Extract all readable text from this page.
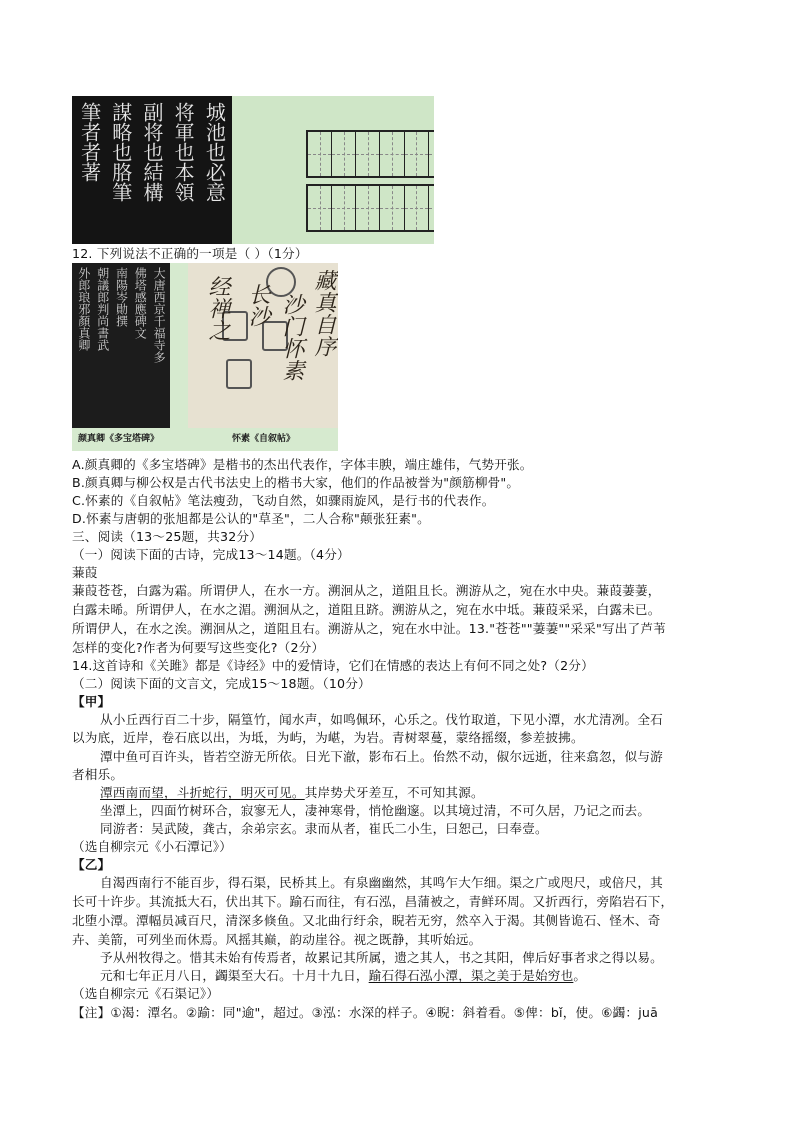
城池也必意
将軍也本領
副将也結構
謀略也胳筆
筆者者著
12. 下列说法不正确的一项是（ ）（1分）
大唐西京千福寺多
佛塔感應碑文
南陽岑勛撰
朝議郎判尚書武
外郎琅邪顏真卿	藏真自序
沙门怀素
长沙
经禅之
颜真卿《多宝塔碑》	怀素《自叙帖》
A.颜真卿的《多宝塔碑》是楷书的杰出代表作，字体丰腴，端庄雄伟，气势开张。
B.颜真卿与柳公权是古代书法史上的楷书大家，他们的作品被誉为"颜筋柳骨"。
C.怀素的《自叙帖》笔法瘦劲，飞动自然，如骤雨旋风，是行书的代表作。
D.怀素与唐朝的张旭都是公认的"草圣"，二人合称"颠张狂素"。
三、阅读（13～25题，共32分）
（一）阅读下面的古诗，完成13～14题。（4分）
蒹葭
蒹葭苍苍，白露为霜。所谓伊人，在水一方。溯洄从之，道阻且长。溯游从之，宛在水中央。蒹葭萋萋，
白露未晞。所谓伊人，在水之湄。溯洄从之，道阻且跻。溯游从之，宛在水中坻。蒹葭采采，白露未已。
所谓伊人，在水之涘。溯洄从之，道阻且右。溯游从之，宛在水中沚。13."苍苍""萋萋""采采"写出了芦苇
怎样的变化?作者为何要写这些变化?（2分）
14.这首诗和《关雎》都是《诗经》中的爱情诗，它们在情感的表达上有何不同之处?（2分）
（二）阅读下面的文言文，完成15～18题。（10分）
【甲】
从小丘西行百二十步，隔篁竹，闻水声，如鸣佩环，心乐之。伐竹取道，下见小潭，水尤清冽。全石
以为底，近岸，卷石底以出，为坻，为屿，为嵁，为岩。青树翠蔓，蒙络摇缀，参差披拂。
潭中鱼可百许头，皆若空游无所依。日光下澈，影布石上。佁然不动，俶尔远逝，往来翕忽，似与游
者相乐。
潭西南而望，斗折蛇行，明灭可见。其岸势犬牙差互，不可知其源。
坐潭上，四面竹树环合，寂寥无人，凄神寒骨，悄怆幽邃。以其境过清，不可久居，乃记之而去。
同游者：吴武陵，龚古，余弟宗玄。隶而从者，崔氏二小生，曰恕己，曰奉壹。
（选自柳宗元《小石潭记》）
【乙】
自渴西南行不能百步，得石渠，民桥其上。有泉幽幽然，其鸣乍大乍细。渠之广或咫尺，或倍尺，其
长可十许步。其流抵大石，伏出其下。踰石而往，有石泓，昌蒲被之，青鲜环周。又折西行，旁陷岩石下，
北堕小潭。潭幅员减百尺，清深多倏鱼。又北曲行纡余，睨若无穷，然卒入于渴。其侧皆诡石、怪木、奇
卉、美箭，可列坐而休焉。风摇其巅，韵动崖谷。视之既静，其听始远。
予从州牧得之。惜其未始有传焉者，故累记其所属，遗之其人，书之其阳，俾后好事者求之得以易。
元和七年正月八日，蠲渠至大石。十月十九日，踰石得石泓小潭，渠之美于是始穷也。
（选自柳宗元《石渠记》）
【注】①渴：潭名。②踰：同"逾"，超过。③泓：水深的样子。④睨：斜着看。⑤俾：bǐ，使。⑥蠲：juā
